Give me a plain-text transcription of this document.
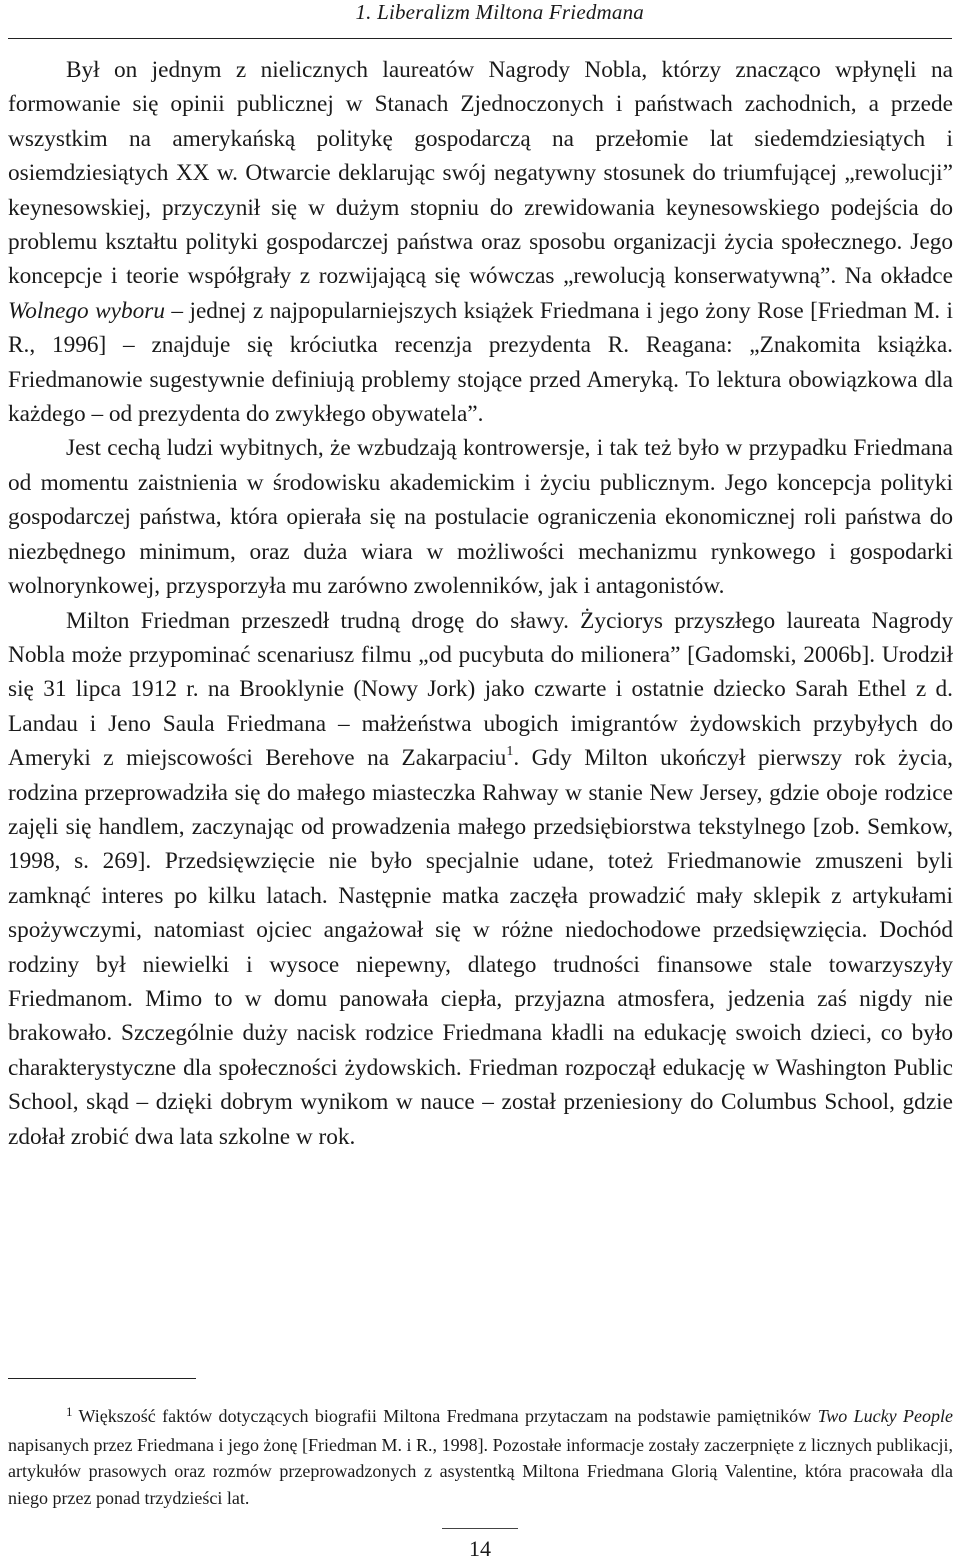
1. Liberalizm Miltona Friedmana

Był on jednym z nielicznych laureatów Nagrody Nobla, którzy znacząco wpłynęli na formowanie się opinii publicznej w Stanach Zjednoczonych i państwach zachodnich, a przede wszystkim na amerykańską politykę gospodarczą na przełomie lat siedemdziesiątych i osiemdziesiątych XX w. Otwarcie deklarując swój negatywny stosunek do triumfującej „rewolucji” keynesowskiej, przyczynił się w dużym stopniu do zrewidowania keynesowskiego podejścia do problemu kształtu polityki gospodarczej państwa oraz sposobu organizacji życia społecznego. Jego koncepcje i teorie współgrały z rozwijającą się wówczas „rewolucją konserwatywną”. Na okładce Wolnego wyboru – jednej z najpopularniejszych książek Friedmana i jego żony Rose [Friedman M. i R., 1996] – znajduje się króciutka recenzja prezydenta R. Reagana: „Znakomita książka. Friedmanowie sugestywnie definiują problemy stojące przed Ameryką. To lektura obowiązkowa dla każdego – od prezydenta do zwykłego obywatela”.

Jest cechą ludzi wybitnych, że wzbudzają kontrowersje, i tak też było w przypadku Friedmana od momentu zaistnienia w środowisku akademickim i życiu publicznym. Jego koncepcja polityki gospodarczej państwa, która opierała się na postulacie ograniczenia ekonomicznej roli państwa do niezbędnego minimum, oraz duża wiara w możliwości mechanizmu rynkowego i gospodarki wolnorynkowej, przysporzyła mu zarówno zwolenników, jak i antagonistów.

Milton Friedman przeszedł trudną drogę do sławy. Życiorys przyszłego laureata Nagrody Nobla może przypominać scenariusz filmu „od pucybuta do milionera” [Gadomski, 2006b]. Urodził się 31 lipca 1912 r. na Brooklynie (Nowy Jork) jako czwarte i ostatnie dziecko Sarah Ethel z d. Landau i Jeno Saula Friedmana – małżeństwa ubogich imigrantów żydowskich przybyłych do Ameryki z miejscowości Berehove na Zakarpaciu$^1$. Gdy Milton ukończył pierwszy rok życia, rodzina przeprowadziła się do małego miasteczka Rahway w stanie New Jersey, gdzie oboje rodzice zajęli się handlem, zaczynając od prowadzenia małego przedsiębiorstwa tekstylnego [zob. Semkow, 1998, s. 269]. Przedsięwzięcie nie było specjalnie udane, toteż Friedmanowie zmuszeni byli zamknąć interes po kilku latach. Następnie matka zaczęła prowadzić mały sklepik z artykułami spożywczymi, natomiast ojciec angażował się w różne niedochodowe przedsięwzięcia. Dochód rodziny był niewielki i wysoce niepewny, dlatego trudności finansowe stale towarzyszyły Friedmanom. Mimo to w domu panowała ciepła, przyjazna atmosfera, jedzenia zaś nigdy nie brakowało. Szczególnie duży nacisk rodzice Friedmana kładli na edukację swoich dzieci, co było charakterystyczne dla społeczności żydowskich. Friedman rozpoczął edukację w Washington Public School, skąd – dzięki dobrym wynikom w nauce – został przeniesiony do Columbus School, gdzie zdołał zrobić dwa lata szkolne w rok.

$^1$ Większość faktów dotyczących biografii Miltona Fredmana przytaczam na podstawie pamiętników Two Lucky People napisanych przez Friedmana i jego żonę [Friedman M. i R., 1998]. Pozostałe informacje zostały zaczerpnięte z licznych publikacji, artykułów prasowych oraz rozmów przeprowadzonych z asystentką Miltona Friedmana Glorią Valentine, która pracowała dla niego przez ponad trzydzieści lat.

14
